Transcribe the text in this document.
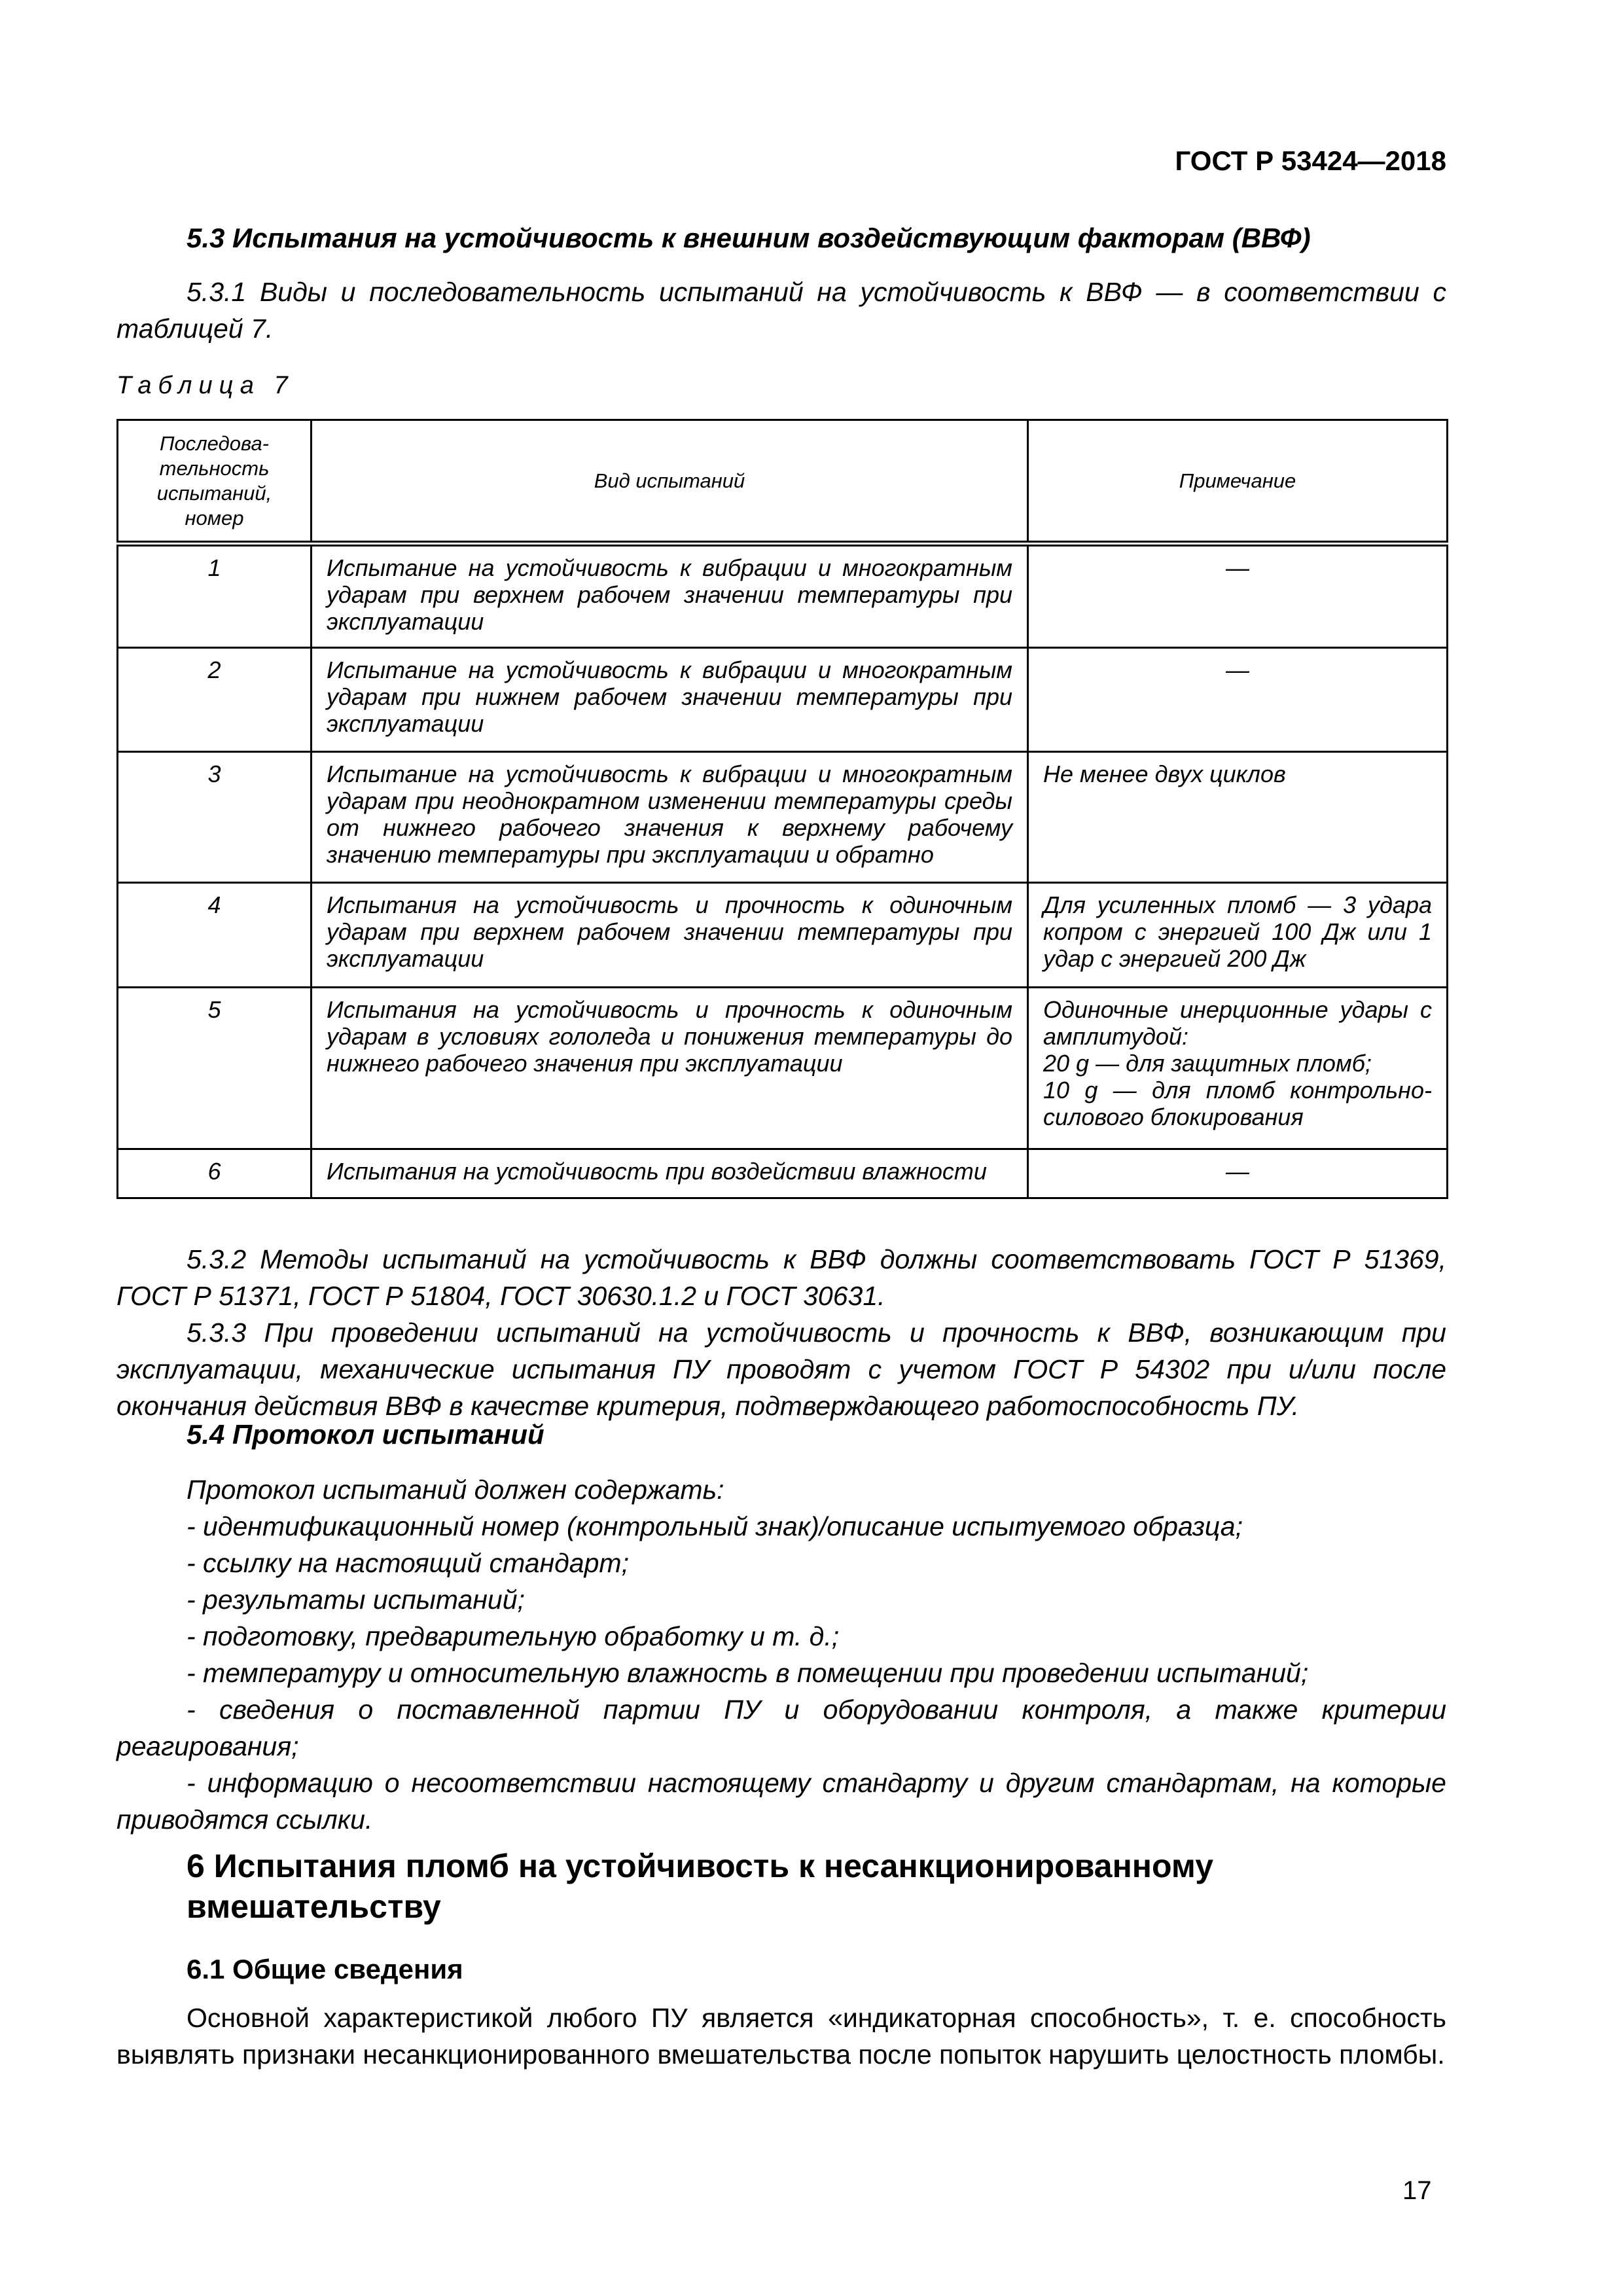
ГОСТ Р 53424—2018
5.3 Испытания на устойчивость к внешним воздействующим факторам (ВВФ)

5.3.1 Виды и последовательность испытаний на устойчивость к ВВФ — в соответствии с таблицей 7.

Таблица 7
Последова-тельность испытаний, номер	Вид испытаний	Примечание
1	Испытание на устойчивость к вибрации и многократным ударам при верхнем рабочем значении температуры при эксплуатации	—
2	Испытание на устойчивость к вибрации и многократным ударам при нижнем рабочем значении температуры при эксплуатации	—
3	Испытание на устойчивость к вибрации и многократным ударам при неоднократном изменении температуры среды от нижнего рабочего значения к верхнему рабочему значению температуры при эксплуатации и обратно	Не менее двух циклов
4	Испытания на устойчивость и прочность к одиночным ударам при верхнем рабочем значении температуры при эксплуатации	Для усиленных пломб — 3 удара копром с энергией 100 Дж или 1 удар с энергией 200 Дж
5	Испытания на устойчивость и прочность к одиночным ударам в условиях гололеда и понижения температуры до нижнего рабочего значения при эксплуатации	Одиночные инерционные удары с амплитудой:
20 g — для защитных пломб;
10 g — для пломб контрольно-силового блокирования

6	Испытания на устойчивость при воздействии влажности	—

5.3.2 Методы испытаний на устойчивость к ВВФ должны соответствовать ГОСТ Р 51369, ГОСТ Р 51371, ГОСТ Р 51804, ГОСТ 30630.1.2 и ГОСТ 30631.

5.3.3 При проведении испытаний на устойчивость и прочность к ВВФ, возникающим при эксплуатации, механические испытания ПУ проводят с учетом ГОСТ Р 54302 при и/или после окончания действия ВВФ в качестве критерия, подтверждающего работоспособность ПУ.

5.4 Протокол испытаний
Протокол испытаний должен содержать:
- идентификационный номер (контрольный знак)/описание испытуемого образца;
- ссылку на настоящий стандарт;
- результаты испытаний;
- подготовку, предварительную обработку и т. д.;
- температуру и относительную влажность в помещении при проведении испытаний;
- сведения о поставленной партии ПУ и оборудовании контроля, а также критерии реагирования;
- информацию о несоответствии настоящему стандарту и другим стандартам, на которые приводятся ссылки.
6 Испытания пломб на устойчивость к несанкционированному вмешательству
6.1 Общие сведения

Основной характеристикой любого ПУ является «индикаторная способность», т. е. способность выявлять признаки несанкционированного вмешательства после попыток нарушить целостность пломбы.

17
